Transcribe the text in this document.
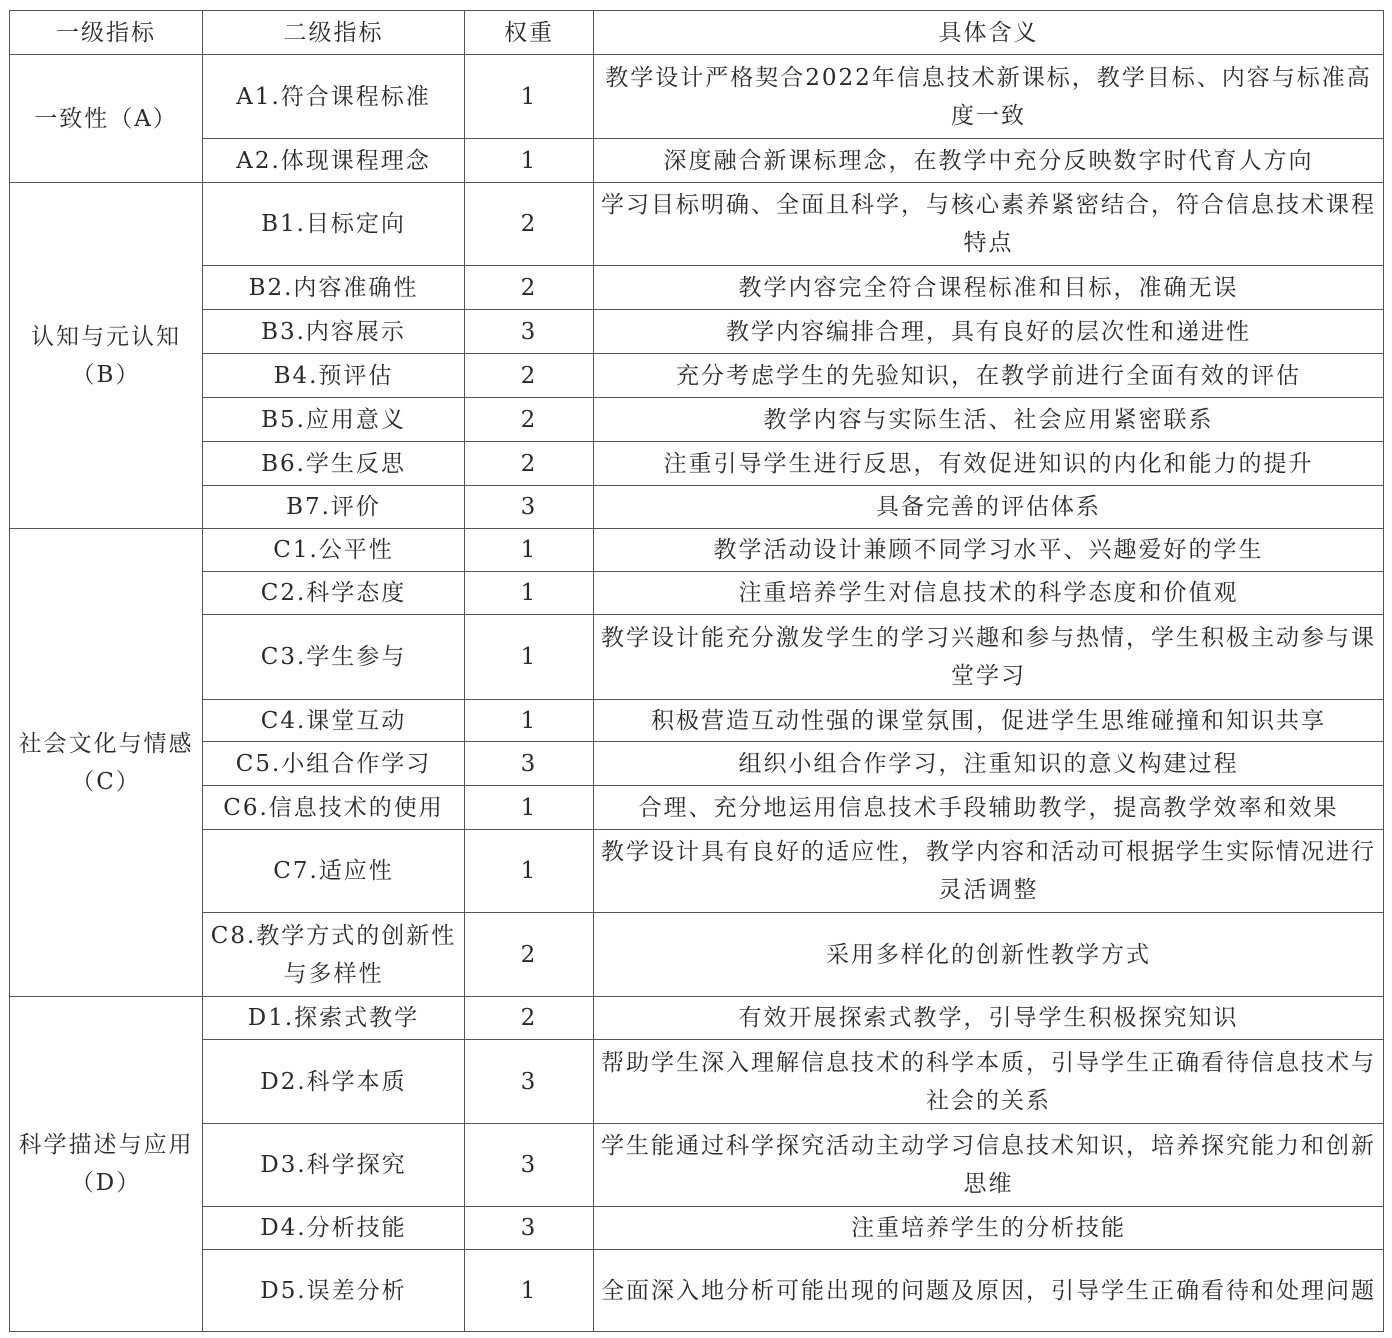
一级指标	二级指标	权重	具体含义
一致性（A）	A1.符合课程标准	1	教学设计严格契合2022年信息技术新课标，教学目标、内容与标准高度一致
	A2.体现课程理念	1	深度融合新课标理念，在教学中充分反映数字时代育人方向
认知与元认知（B）	B1.目标定向	2	学习目标明确、全面且科学，与核心素养紧密结合，符合信息技术课程特点
	B2.内容准确性	2	教学内容完全符合课程标准和目标，准确无误
	B3.内容展示	3	教学内容编排合理，具有良好的层次性和递进性
	B4.预评估	2	充分考虑学生的先验知识，在教学前进行全面有效的评估
	B5.应用意义	2	教学内容与实际生活、社会应用紧密联系
	B6.学生反思	2	注重引导学生进行反思，有效促进知识的内化和能力的提升
	B7.评价	3	具备完善的评估体系
社会文化与情感（C）	C1.公平性	1	教学活动设计兼顾不同学习水平、兴趣爱好的学生
	C2.科学态度	1	注重培养学生对信息技术的科学态度和价值观
	C3.学生参与	1	教学设计能充分激发学生的学习兴趣和参与热情，学生积极主动参与课堂学习
	C4.课堂互动	1	积极营造互动性强的课堂氛围，促进学生思维碰撞和知识共享
	C5.小组合作学习	3	组织小组合作学习，注重知识的意义构建过程
	C6.信息技术的使用	1	合理、充分地运用信息技术手段辅助教学，提高教学效率和效果
	C7.适应性	1	教学设计具有良好的适应性，教学内容和活动可根据学生实际情况进行灵活调整
	C8.教学方式的创新性与多样性	2	采用多样化的创新性教学方式
科学描述与应用（D）	D1.探索式教学	2	有效开展探索式教学，引导学生积极探究知识
	D2.科学本质	3	帮助学生深入理解信息技术的科学本质，引导学生正确看待信息技术与社会的关系
	D3.科学探究	3	学生能通过科学探究活动主动学习信息技术知识，培养探究能力和创新思维
	D4.分析技能	3	注重培养学生的分析技能
	D5.误差分析	1	全面深入地分析可能出现的问题及原因，引导学生正确看待和处理问题
